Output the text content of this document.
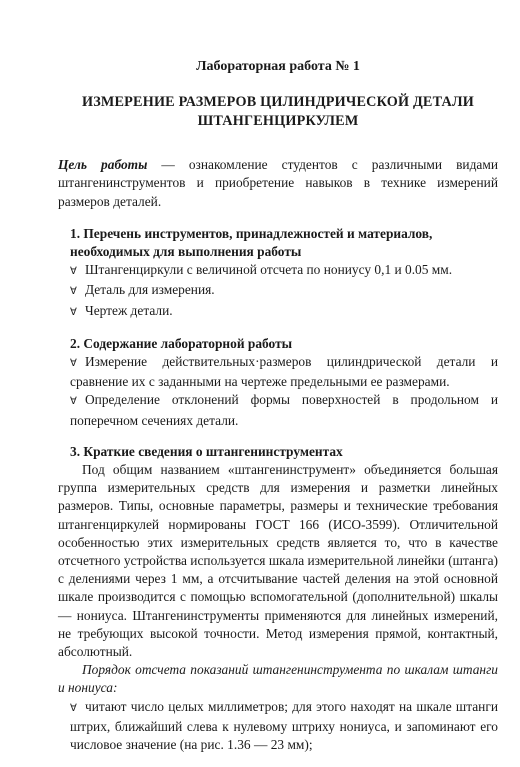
Лабораторная работа № 1
ИЗМЕРЕНИЕ РАЗМЕРОВ ЦИЛИНДРИЧЕСКОЙ ДЕТАЛИ
ШТАНГЕНЦИРКУЛЕМ

Цель работы — ознакомление студентов с различными видами штангенинструментов и приобретение навыков в технике измерений размеров деталей.

1. Перечень инструментов, принадлежностей и материалов, необходимых для выполнения работы

∀ Штангенциркули с величиной отсчета по нониусу 0,1 и 0.05 мм.

∀ Деталь для измерения.

∀ Чертеж детали.

2. Содержание лабораторной работы

∀ Измерение действительных·размеров цилиндрической детали и сравнение их с заданными на чертеже предельными ее размерами.

∀ Определение отклонений формы поверхностей в продольном и поперечном сечениях детали.

3. Краткие сведения о штангенинструментах

Под общим названием «штангенинструмент» объединяется большая группа измерительных средств для измерения и разметки линейных размеров. Типы, основные параметры, размеры и технические требования штангенциркулей нормированы ГОСТ 166 (ИСО-3599). Отличительной особенностью этих измерительных средств является то, что в качестве отсчетного устройства используется шкала измерительной линейки (штанга) с делениями через 1 мм, а отсчитывание частей деления на этой основной шкале производится с помощью вспомогательной (дополнительной) шкалы — нониуса. Штангенинструменты применяются для линейных измерений, не требующих высокой точности. Метод измерения прямой, контактный, абсолютный.

Порядок отсчета показаний штангенинструмента по шкалам штанги и нониуса:

∀ читают число целых миллиметров; для этого находят на шкале штанги штрих, ближайший слева к нулевому штриху нониуса, и запоминают его числовое значение (на рис. 1.36 — 23 мм);
